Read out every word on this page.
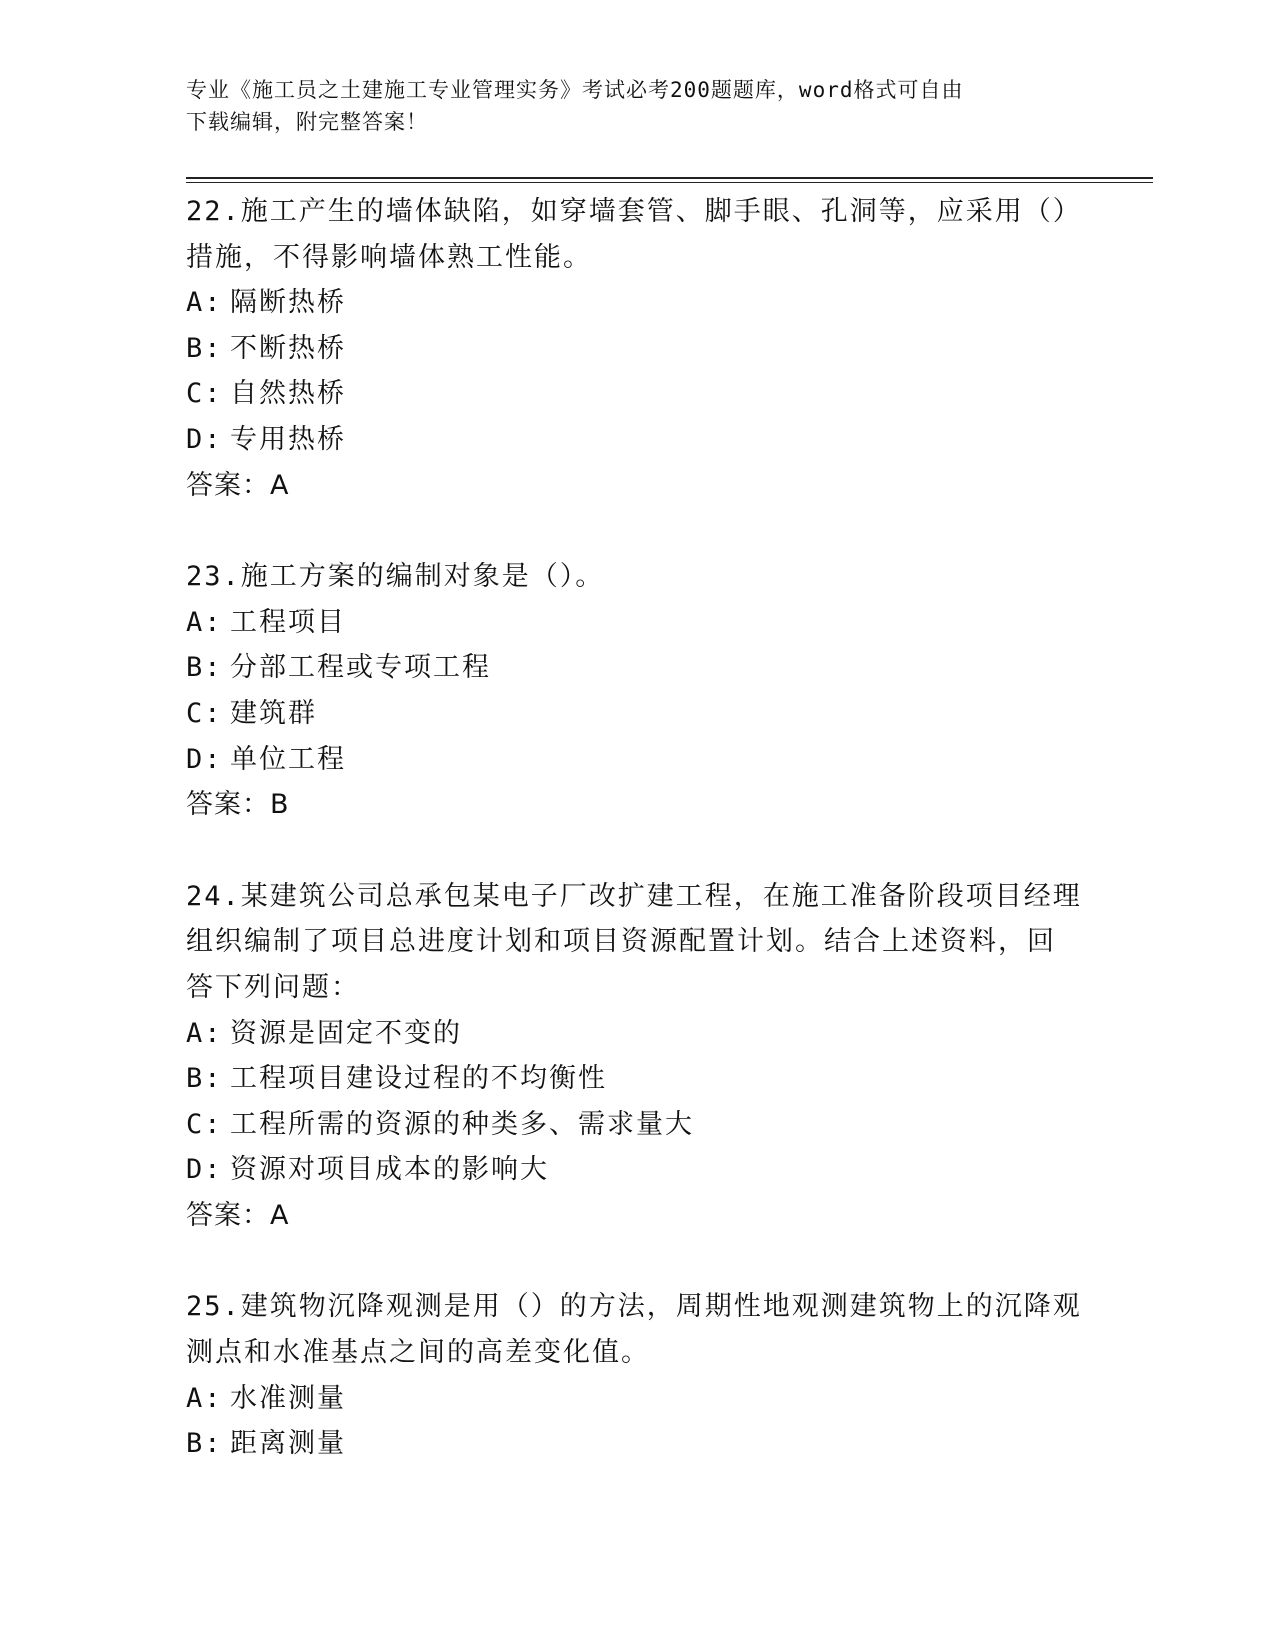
专业《施工员之土建施工专业管理实务》考试必考200题题库，word格式可自由
下载编辑，附完整答案！
22.施工产生的墙体缺陷，如穿墙套管、脚手眼、孔洞等，应采用（）
措施，不得影响墙体熟工性能。
A: 隔断热桥
B: 不断热桥
C: 自然热桥
D: 专用热桥
答案：A
23.施工方案的编制对象是（）。
A: 工程项目
B: 分部工程或专项工程
C: 建筑群
D: 单位工程
答案：B
24.某建筑公司总承包某电子厂改扩建工程，在施工准备阶段项目经理
组织编制了项目总进度计划和项目资源配置计划。结合上述资料，回
答下列问题：
A: 资源是固定不变的
B: 工程项目建设过程的不均衡性
C: 工程所需的资源的种类多、需求量大
D: 资源对项目成本的影响大
答案：A
25.建筑物沉降观测是用（）的方法，周期性地观测建筑物上的沉降观
测点和水准基点之间的高差变化值。
A: 水准测量
B: 距离测量
